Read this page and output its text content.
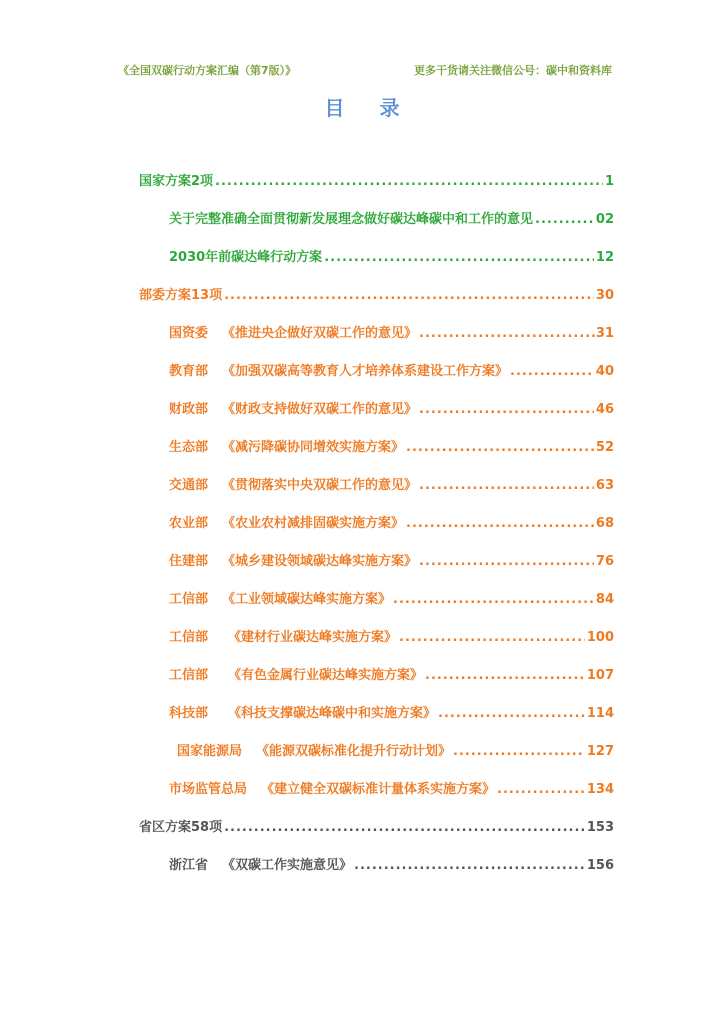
《全国双碳行动方案汇编（第7版）》	更多干货请关注微信公号：碳中和资料库
目 录
国家方案2项 .....	1
关于完整准确全面贯彻新发展理念做好碳达峰碳中和工作的意见 .....	02
2030年前碳达峰行动方案 .....	12
部委方案13项 .....	30
国资委 《推进央企做好双碳工作的意见》 .....	.31
教育部 《加强双碳高等教育人才培养体系建设工作方案》 .....	40
财政部 《财政支持做好双碳工作的意见》 .....	46
生态部 《减污降碳协同增效实施方案》 .....	52
交通部 《贯彻落实中央双碳工作的意见》 .....	63
农业部 《农业农村减排固碳实施方案》 .....	68
住建部 《城乡建设领域碳达峰实施方案》 .....	76
工信部 《工业领域碳达峰实施方案》 .....	84
工信部 《建材行业碳达峰实施方案》 .....	100
工信部 《有色金属行业碳达峰实施方案》 .....	107
科技部 《科技支撑碳达峰碳中和实施方案》 .....	114
国家能源局 《能源双碳标准化提升行动计划》 .....	127
市场监管总局 《建立健全双碳标准计量体系实施方案》 .....	134
省区方案58项 .....	153
浙江省 《双碳工作实施意见》 .....	156
